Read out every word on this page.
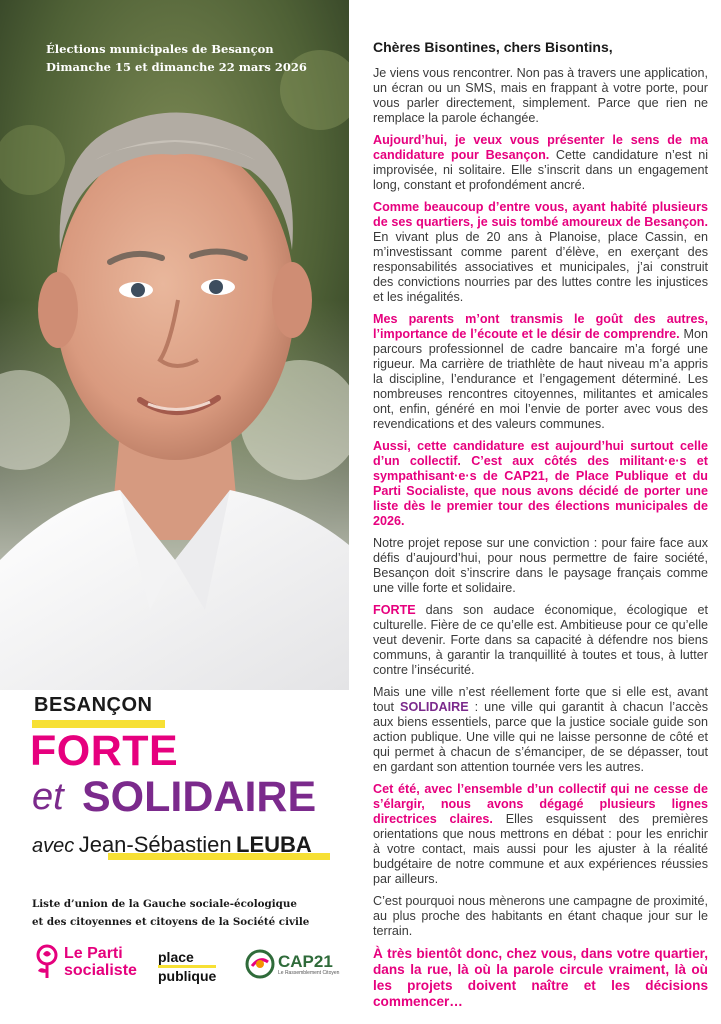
Élections municipales de Besançon
Dimanche 15 et dimanche 22 mars 2026
BESANÇON
FORTE
et SOLIDAIRE
avec Jean-Sébastien LEUBA
Liste d’union de la Gauche sociale-écologique
et des citoyennes et citoyens de la Société civile
Le Parti
socialiste
place
publique
CAP21
Le Rassemblement Citoyen
Chères Bisontines, chers Bisontins,

Je viens vous rencontrer. Non pas à travers une application, un écran ou un SMS, mais en frappant à votre porte, pour vous parler directement, simplement. Parce que rien ne remplace la parole échangée.

Aujourd’hui, je veux vous présenter le sens de ma candidature pour Besançon. Cette candidature n’est ni improvisée, ni solitaire. Elle s’inscrit dans un engagement long, constant et profondément ancré.

Comme beaucoup d’entre vous, ayant habité plusieurs de ses quartiers, je suis tombé amoureux de Besançon. En vivant plus de 20 ans à Planoise, place Cassin, en m’investissant comme parent d’élève, en exerçant des responsabilités associatives et municipales, j’ai construit des convictions nourries par des luttes contre les injustices et les inégalités.

Mes parents m’ont transmis le goût des autres, l’importance de l’écoute et le désir de comprendre. Mon parcours professionnel de cadre bancaire m’a forgé une rigueur. Ma carrière de triathlète de haut niveau m’a appris la discipline, l’endurance et l’engagement déterminé. Les nombreuses rencontres citoyennes, militantes et amicales ont, enfin, généré en moi l’envie de porter avec vous des revendications et des valeurs communes.

Aussi, cette candidature est aujourd’hui surtout celle d’un collectif. C’est aux côtés des militant·e·s et sympathisant·e·s de CAP21, de Place Publique et du Parti Socialiste, que nous avons décidé de porter une liste dès le premier tour des élections municipales de 2026.

Notre projet repose sur une conviction : pour faire face aux défis d’aujourd’hui, pour nous permettre de faire société, Besançon doit s’inscrire dans le paysage français comme une ville forte et solidaire.

FORTE dans son audace économique, écologique et culturelle. Fière de ce qu’elle est. Ambitieuse pour ce qu’elle veut devenir. Forte dans sa capacité à défendre nos biens communs, à garantir la tranquillité à toutes et tous, à lutter contre l’insécurité.

Mais une ville n’est réellement forte que si elle est, avant tout SOLIDAIRE : une ville qui garantit à chacun l’accès aux biens essentiels, parce que la justice sociale guide son action publique. Une ville qui ne laisse personne de côté et qui permet à chacun de s’émanciper, de se dépasser, tout en gardant son attention tournée vers les autres.

Cet été, avec l’ensemble d’un collectif qui ne cesse de s’élargir, nous avons dégagé plusieurs lignes directrices claires. Elles esquissent des premières orientations que nous mettrons en débat : pour les enrichir à votre contact, mais aussi pour les ajuster à la réalité budgétaire de notre commune et aux expériences réussies par ailleurs.

C’est pourquoi nous mènerons une campagne de proximité, au plus proche des habitants en étant chaque jour sur le terrain.

À très bientôt donc, chez vous, dans votre quartier, dans la rue, là où la parole circule vraiment, là où les projets doivent naître et les décisions commencer…
